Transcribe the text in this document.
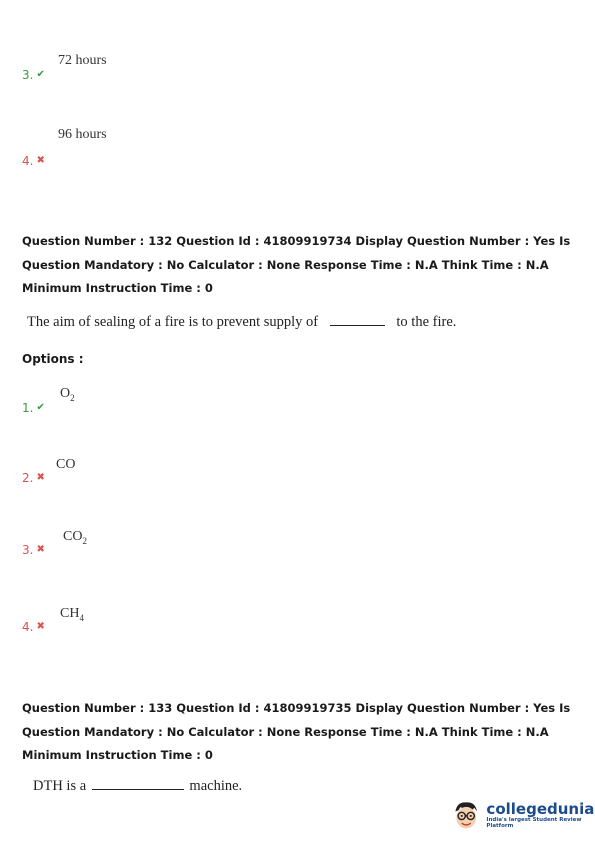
72 hours
3. ✔
96 hours
4. ✖
Question Number : 132 Question Id : 41809919734 Display Question Number : Yes Is Question Mandatory : No Calculator : None Response Time : N.A Think Time : N.A Minimum Instruction Time : 0
The aim of sealing of a fire is to prevent supply of	to the fire.
Options :
$O_2$
1. ✔
CO
2. ✖
$CO_2$
3. ✖
$CH_4$
4. ✖
Question Number : 133 Question Id : 41809919735 Display Question Number : Yes Is Question Mandatory : No Calculator : None Response Time : N.A Think Time : N.A Minimum Instruction Time : 0
DTH is a	machine.
collegedunia
India's largest Student Review Platform
